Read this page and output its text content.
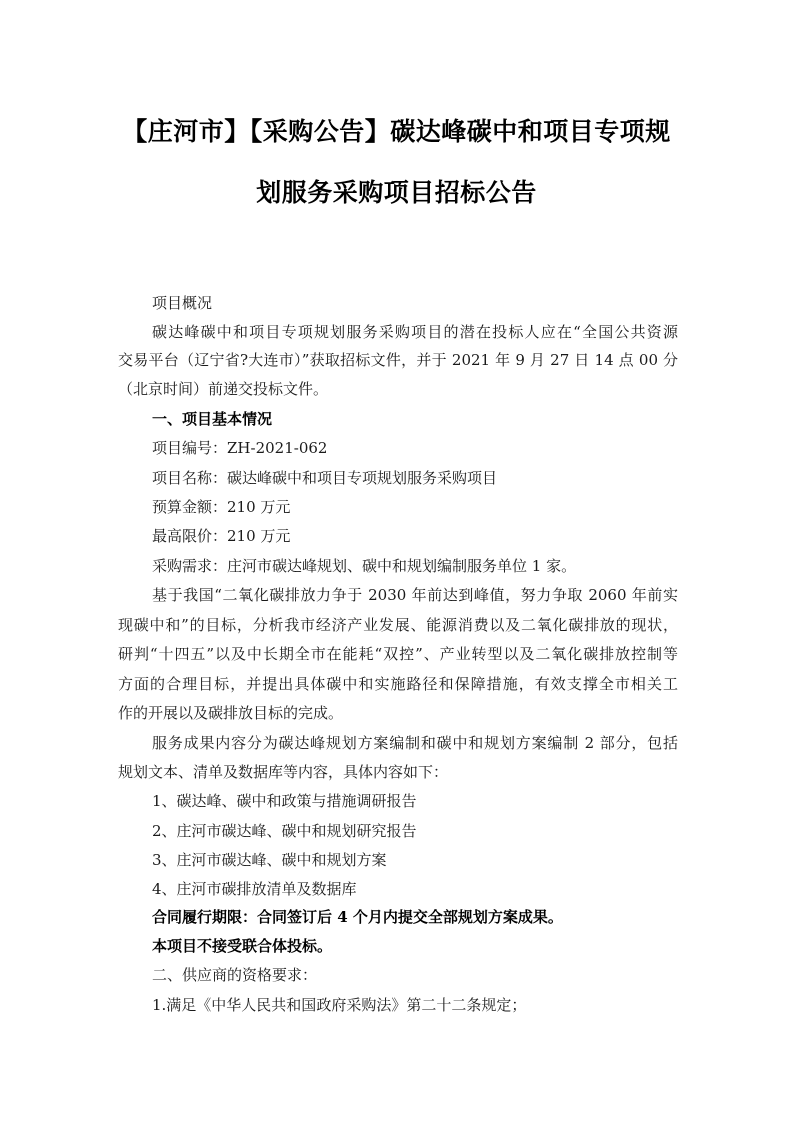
【庄河市】【采购公告】碳达峰碳中和项目专项规
划服务采购项目招标公告

项目概况

碳达峰碳中和项目专项规划服务采购项目的潜在投标人应在“全国公共资源

交易平台（辽宁省?大连市）”获取招标文件，并于 2021 年 9 月 27 日 14 点 00 分

（北京时间）前递交投标文件。

一、项目基本情况

项目编号：ZH-2021-062

项目名称：碳达峰碳中和项目专项规划服务采购项目

预算金额：210 万元

最高限价：210 万元

采购需求：庄河市碳达峰规划、碳中和规划编制服务单位 1 家。

基于我国“二氧化碳排放力争于 2030 年前达到峰值，努力争取 2060 年前实

现碳中和”的目标，分析我市经济产业发展、能源消费以及二氧化碳排放的现状，

研判“十四五”以及中长期全市在能耗“双控”、产业转型以及二氧化碳排放控制等

方面的合理目标，并提出具体碳中和实施路径和保障措施，有效支撑全市相关工

作的开展以及碳排放目标的完成。

服务成果内容分为碳达峰规划方案编制和碳中和规划方案编制 2 部分，包括

规划文本、清单及数据库等内容，具体内容如下：

1、碳达峰、碳中和政策与措施调研报告

2、庄河市碳达峰、碳中和规划研究报告

3、庄河市碳达峰、碳中和规划方案

4、庄河市碳排放清单及数据库

合同履行期限：合同签订后 4 个月内提交全部规划方案成果。

本项目不接受联合体投标。

二、供应商的资格要求：

1.满足《中华人民共和国政府采购法》第二十二条规定；
